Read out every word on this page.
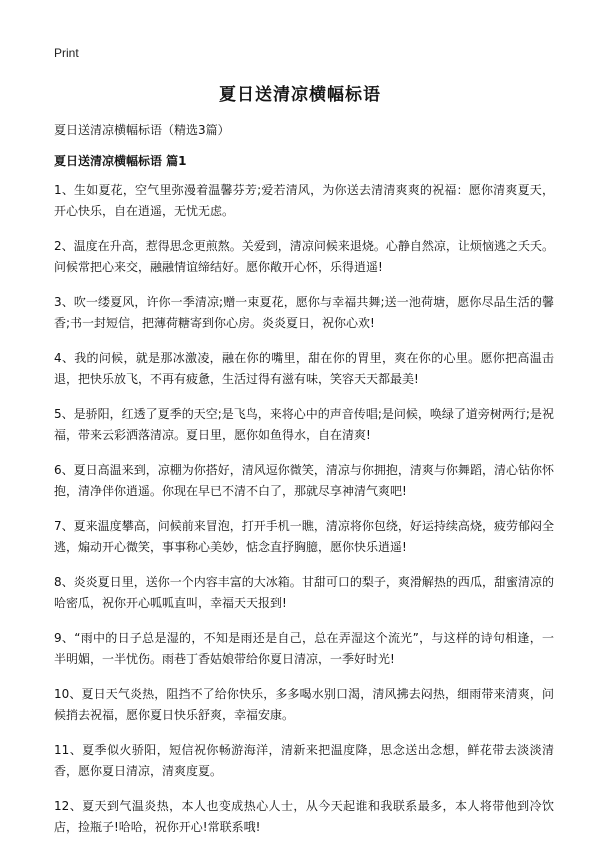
Print
夏日送清凉横幅标语

夏日送清凉横幅标语（精选3篇）

夏日送清凉横幅标语 篇1

1、生如夏花，空气里弥漫着温馨芬芳;爱若清风，为你送去清清爽爽的祝福：愿你清爽夏天，开心快乐，自在逍遥，无忧无虑。

2、温度在升高，惹得思念更煎熬。关爱到，清凉问候来退烧。心静自然凉，让烦恼逃之夭夭。问候常把心来交，融融情谊缔结好。愿你敞开心怀，乐得逍遥!

3、吹一缕夏风，许你一季清凉;赠一束夏花，愿你与幸福共舞;送一池荷塘，愿你尽品生活的馨香;书一封短信，把薄荷糖寄到你心房。炎炎夏日，祝你心欢!

4、我的问候，就是那冰激凌，融在你的嘴里，甜在你的胃里，爽在你的心里。愿你把高温击退，把快乐放飞，不再有疲惫，生活过得有滋有味，笑容天天都最美!

5、是骄阳，红透了夏季的天空;是飞鸟，来将心中的声音传唱;是问候，唤绿了道旁树两行;是祝福，带来云彩洒落清凉。夏日里，愿你如鱼得水，自在清爽!

6、夏日高温来到，凉棚为你搭好，清风逗你微笑，清凉与你拥抱，清爽与你舞蹈，清心钻你怀抱，清净伴你逍遥。你现在早已不清不白了，那就尽享神清气爽吧!

7、夏来温度攀高，问候前来冒泡，打开手机一瞧，清凉将你包绕，好运持续高烧，疲劳郁闷全逃，煽动开心微笑，事事称心美妙，惦念直抒胸臆，愿你快乐逍遥!

8、炎炎夏日里，送你一个内容丰富的大冰箱。甘甜可口的梨子，爽滑解热的西瓜，甜蜜清凉的哈密瓜，祝你开心呱呱直叫，幸福天天报到!

9、“雨中的日子总是湿的，不知是雨还是自己，总在弄湿这个流光”，与这样的诗句相逢，一半明媚，一半忧伤。雨巷丁香姑娘带给你夏日清凉，一季好时光!

10、夏日天气炎热，阻挡不了给你快乐，多多喝水别口渴，清风拂去闷热，细雨带来清爽，问候捎去祝福，愿你夏日快乐舒爽，幸福安康。

11、夏季似火骄阳，短信祝你畅游海洋，清新来把温度降，思念送出念想，鲜花带去淡淡清香，愿你夏日清凉，清爽度夏。

12、夏天到气温炎热，本人也变成热心人士，从今天起谁和我联系最多，本人将带他到冷饮店，捡瓶子!哈哈，祝你开心!常联系哦!
